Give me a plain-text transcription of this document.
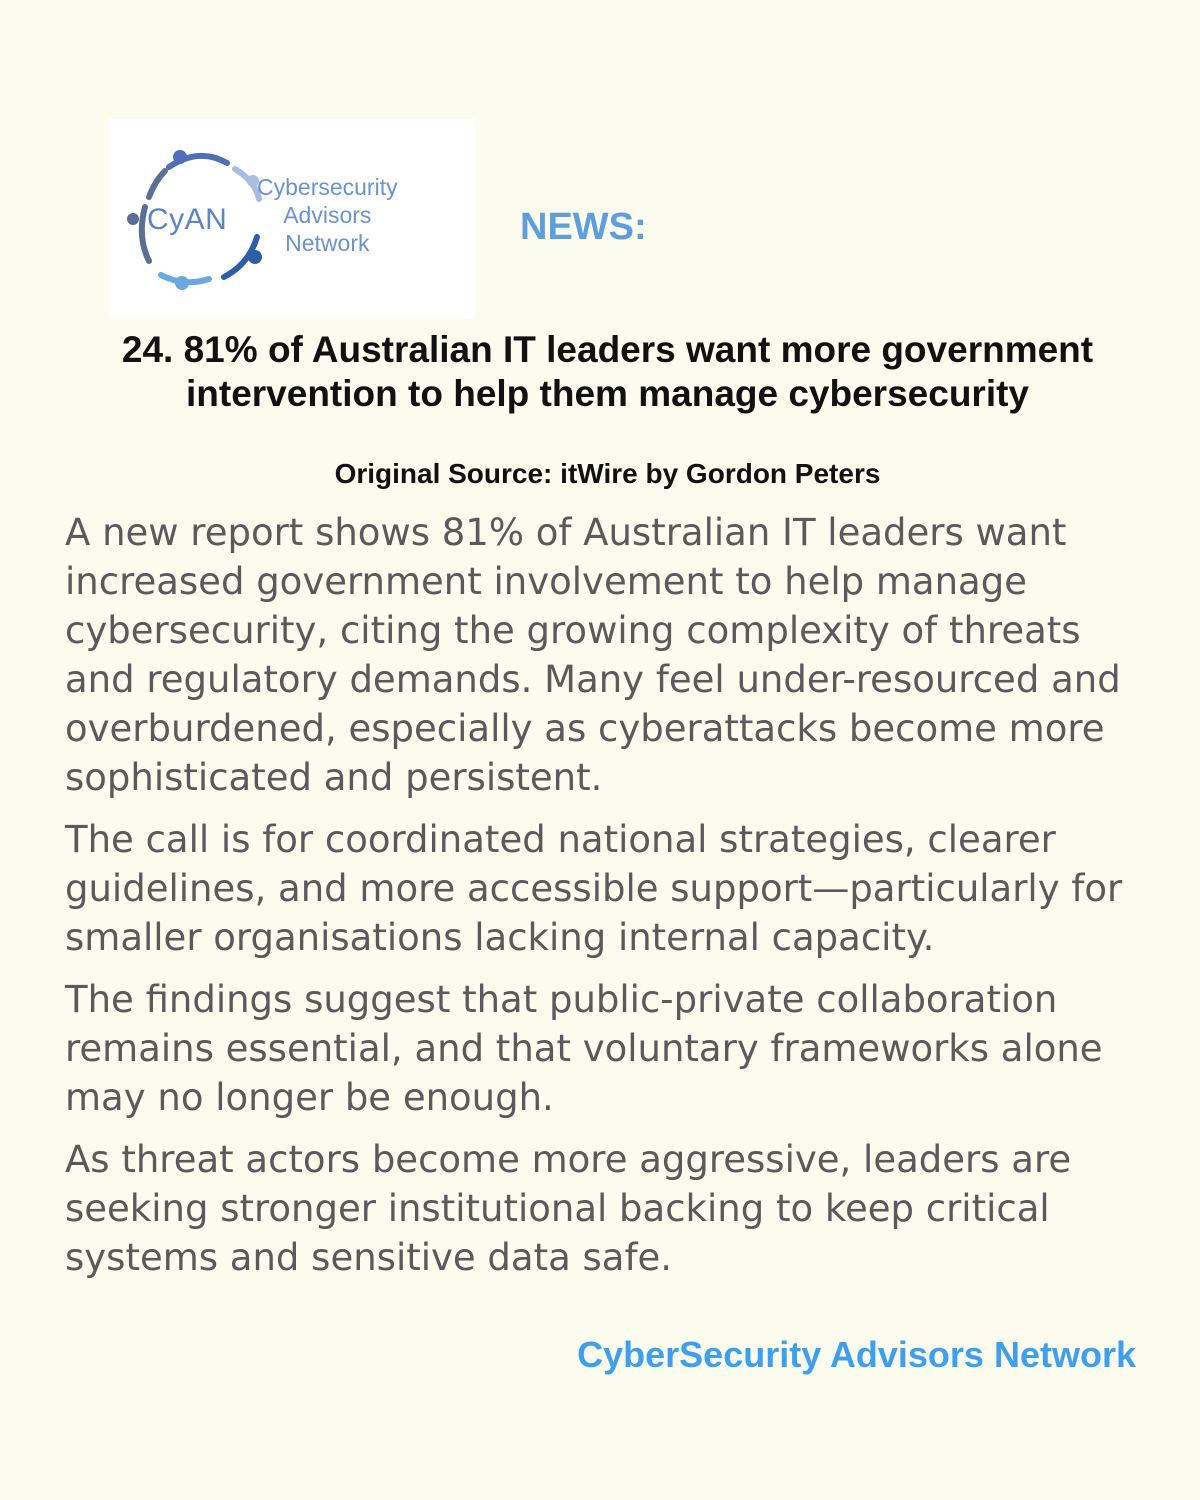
CyAN
Cybersecurity
Advisors
Network	NEWS:
24. 81% of Australian IT leaders want more government intervention to help them manage cybersecurity
Original Source: itWire by Gordon Peters

A new report shows 81% of Australian IT leaders want increased government involvement to help manage cybersecurity, citing the growing complexity of threats and regulatory demands. Many feel under-resourced and overburdened, especially as cyberattacks become more sophisticated and persistent.

The call is for coordinated national strategies, clearer guidelines, and more accessible support—particularly for smaller organisations lacking internal capacity.

The findings suggest that public-private collaboration remains essential, and that voluntary frameworks alone may no longer be enough.

As threat actors become more aggressive, leaders are seeking stronger institutional backing to keep critical systems and sensitive data safe.

CyberSecurity Advisors Network
